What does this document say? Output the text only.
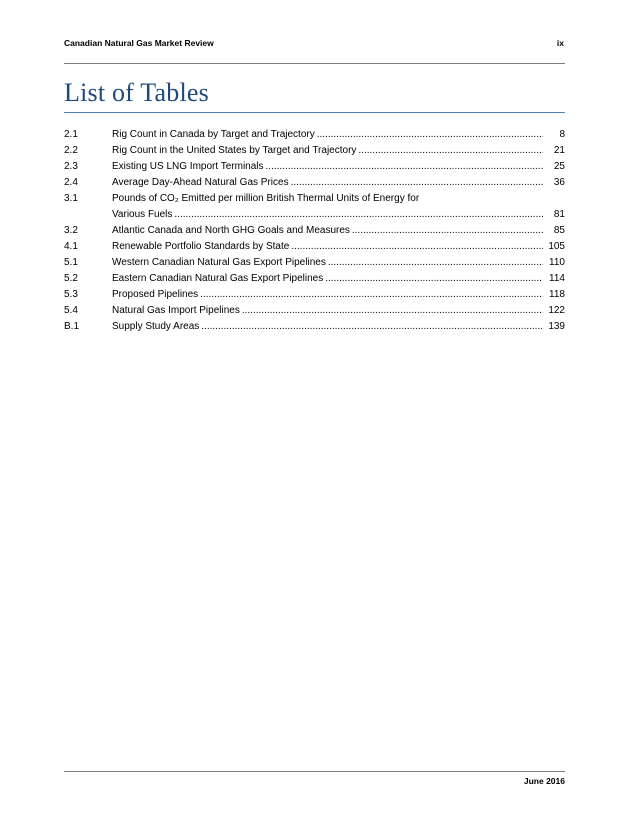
Canadian Natural Gas Market Review	ix
List of Tables
2.1	Rig Count in Canada by Target and Trajectory .....	8
2.2	Rig Count in the United States by Target and Trajectory .....	21
2.3	Existing US LNG Import Terminals .....	25
2.4	Average Day-Ahead Natural Gas Prices .....	36
3.1	Pounds of CO₂ Emitted per million British Thermal Units of Energy for
Various Fuels .....	81
3.2	Atlantic Canada and North GHG Goals and Measures .....	85
4.1	Renewable Portfolio Standards by State .....	105
5.1	Western Canadian Natural Gas Export Pipelines .....	110
5.2	Eastern Canadian Natural Gas Export Pipelines .....	114
5.3	Proposed Pipelines .....	118
5.4	Natural Gas Import Pipelines .....	122
B.1	Supply Study Areas .....	139
June 2016
